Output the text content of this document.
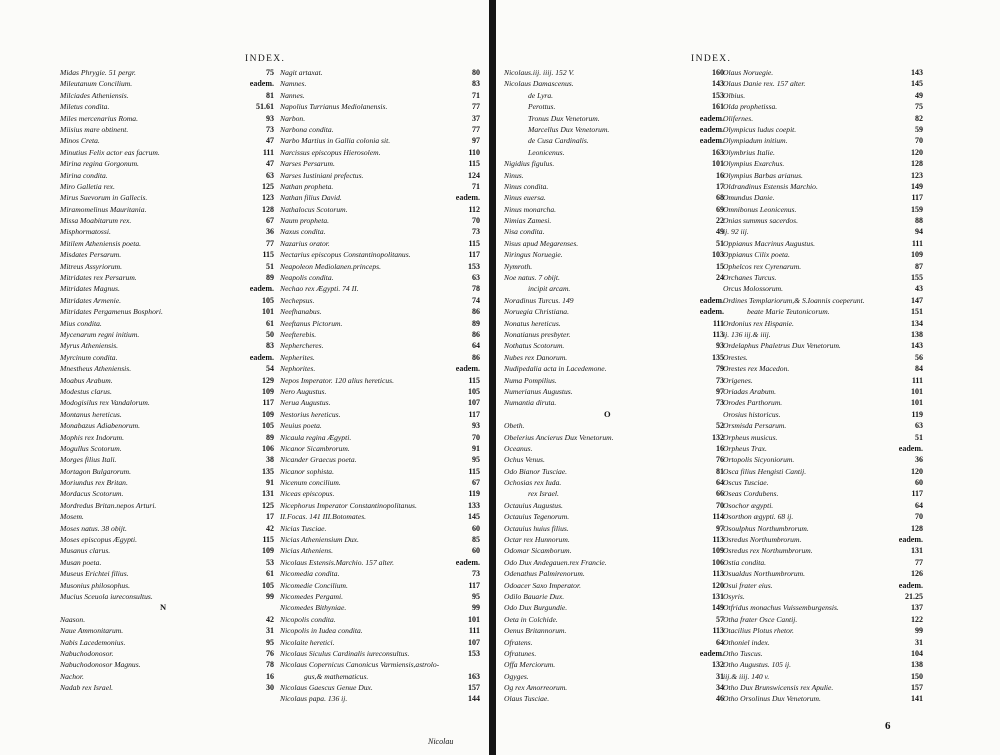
INDEX.
Midas Phrygie. 51 pergr.	75
Mileutanum Concilium.	eadem.
Milciades Atheniensis.	81
Miletus condita.	51.61
Miles mercenarius Roma.	93
Miisius mare obtinent.	73
Minos Creta.	47
Minutius Felix actor eas facrum.	111
Mirina regina Gorgonum.	47
Mirina condita.	63
Miro Galletia rex.	125
Mirus Suevorum in Gallecis.	123
Miramomelinus Mauritania.	128
Missa Moabitarum rex.	67
Misphormatossi.	36
Mitilem Atheniensis poeta.	77
Misdates Persarum.	115
Mitreus Assyriorum.	51
Mitridates rex Persarum.	89
Mitridates Magnus.	eadem.
Mitridates Armenie.	105
Mitridates Pergamenus Bosphori.	101
Mius condita.	61
Mycenarum regni initium.	50
Myrus Atheniensis.	83
Myrcinum condita.	eadem.
Mnestheus Atheniensis.	54
Moabus Arabum.	129
Modestus clarus.	109
Modogisilus rex Vandalorum.	117
Montanus hereticus.	109
Monabazus Adiabenorum.	105
Mophis rex Indorum.	89
Mogullus Scotorum.	106
Morges filius Itali.	38
Mortagon Bulgarorum.	135
Moriundus rex Britan.	91
Mordacus Scotorum.	131
Mordredus Britan.nepos Arturi.	125
Mosem.	17
Moses natus. 38 obijt.	42
Moses episcopus Ægypti.	115
Musanus clarus.	109
Musan poeta.	53
Museus Erichtei filius.	61
Musonius philosophus.	105
Mucius Sceuola iureconsultus.	99
N
Naason.	42
Naue Ammonitarum.	31
Nabis Lacedemonius.	95
Nabuchodonosor.	76
Nabuchodonosor Magnus.	78
Nachor.	16
Nadab rex Israel.	30
Nagit artaxat.	80
Namnes.	83
Nannes.	71
Napolius Turrianus Mediolanensis.	77
Narbon.	37
Narbona condita.	77
Narbo Martius in Gallia colonia sit.	97
Narcissus episcopus Hierosolem.	110
Narses Persarum.	115
Narses Iustiniani prefectus.	124
Nathan propheta.	71
Nathan filius David.	eadem.
Nathalocus Scotorum.	112
Naum propheta.	70
Naxus condita.	73
Nazarius orator.	115
Nectarius episcopus Constantinopolitanus.	117
Neapoleon Mediolanen.princeps.	153
Neapolis condita.	63
Nechao rex Ægypti. 74 II.	78
Nechepsus.	74
Neefhanabus.	86
Neeftanus Pictorum.	89
Neefterebis.	86
Nephercheres.	64
Nepherites.	86
Nephorites.	eadem.
Nepos Imperator. 120 alius hereticus.	115
Nero Augustus.	105
Nerua Augustus.	107
Nestorius hereticus.	117
Neuius poeta.	93
Nicaula regina Ægypti.	70
Nicanor Sicambrorum.	91
Nicander Graecus poeta.	95
Nicanor sophista.	115
Nicenum concilium.	67
Niceas episcopus.	119
Nicephorus Imperator Constantinopolitanus.	133
II.Focas. 141 III.Botomates.	145
Nicias Tusciae.	60
Nicias Atheniensium Dux.	85
Nicias Atheniens.	60
Nicolaus Estensis.Marchio. 157 alter.	eadem.
Nicomedia condita.	73
Nicomedie Concilium.	117
Nicomedes Pergami.	95
Nicomedes Bithyniae.	99
Nicopolis condita.	101
Nicopolis in Iudea condita.	111
Nicolaite heretici.	107
Nicolaus Siculus Cardinalis iureconsultus.	153
Nicolaus Copernicus Canonicus Varmiensis,astrolo-
gus,& mathematicus.	163
Nicolaus Gaescus Genue Dux.	157
Nicolaus papa. 136 ij.	144
Nicolau
INDEX.
Nicolaus.iij. iiij. 152 V.	160
Nicolaus Damascenus.	143
de Lyra.	153
Perottus.	161
Tronus Dux Venetorum.	eadem.
Marcellus Dux Venetorum.	eadem.
de Cusa Cardinalis.	eadem.
Leonicenus.	163
Nigidius figulus.	101
Ninus.	16
Ninus condita.	17
Ninus euersa.	68
Ninus monarcha.	69
Nimias Zamesi.	22
Nisa condita.	49
Nisus apud Megarenses.	51
Niringus Noruegie.	103
Nymroth.	15
Noe natus. 7 obijt.	24
incipit arcam.
Noradinus Turcus. 149	eadem.
Noruegia Christiana.	eadem.
Nonatus hereticus.	111
Nonatianus presbyter.	113
Nothatus Scotorum.	93
Nubes rex Danorum.	135
Nudipedalia acta in Lacedemone.	79
Numa Pompilius.	73
Numerianus Augustus.	97
Numantia diruta.	73
O
Obeth.	52
Obelerius Ancierus Dux Venetorum.	132
Oceanus.	16
Ochus Venus.	76
Odo Bianor Tusciae.	81
Ochosias rex Iuda.	64
rex Israel.	66
Octauius Augustus.	70
Octauius Tegenorum.	114
Octauius huius filius.	97
Octar rex Hunnorum.	113
Odomar Sicamborum.	109
Odo Dux Andegauen.rex Francie.	106
Odenathus Palmirenorum.	113
Odoacer Saxo Imperator.	120
Odilo Bauarie Dux.	131
Odo Dux Burgundie.	149
Oeta in Colchide.	57
Oenus Britannorum.	113
Ofratens.	64
Ofratunes.	eadem.
Offa Merciorum.	132
Ogyges.	31
Og rex Amorreorum.	34
Olaus Tusciae.	46
Olaus Noruegie.	143
Olaus Danie rex. 157 alter.	145
Olbius.	49
Olda prophetissa.	75
Olifernes.	82
Olympicus ludus coepit.	59
Olympiadum initium.	70
Olymbrius Italie.	120
Olympius Exarchus.	128
Olympius Barbas arianus.	123
Oldrandinus Estensis Marchio.	149
Omundus Danie.	117
Omnibonus Leonicenus.	159
Onias summus sacerdos.	88
ij. 92 iij.	94
Oppianus Macrinus Augustus.	111
Oppianus Cilix poeta.	109
Ophelcos rex Cyrenarum.	87
Orchanes Turcus.	155
Orcus Molossorum.	43
Ordines Templariorum,& S.Ioannis coeperunt.	147
beate Marie Teutonicorum.	151
Ordonius rex Hispanie.	134
ij. 136 iij.& iiij.	138
Ordelaphus Phaletrus Dux Venetorum.	143
Orestes.	56
Orestes rex Macedon.	84
Origenes.	111
Oriadas Arabum.	101
Orodes Parthorum.	101
Orosius historicus.	119
Orsmisda Persarum.	63
Orpheus musicus.	51
Orpheus Trax.	eadem.
Ortopolis Sicyoniorum.	36
Osca filius Hengisti Cantij.	120
Oscus Tusciae.	60
Oseas Cordubens.	117
Osochor ægypti.	64
Osorthon ægypti. 68 ij.	70
Osoulphus Northumbrorum.	128
Osredus Northumbrorum.	eadem.
Osredus rex Northumbrorum.	131
Ostia condita.	77
Osualdus Northumbrorum.	126
Osui frater eius.	eadem.
Osyris.	21.25
Otfridus monachus Vuissemburgensis.	137
Otha frater Osce Cantij.	122
Otacilius Plotus rhetor.	99
Othoniel index.	31
Otho Tuscus.	104
Otho Augustus. 105 ij.	138
iij.& iiij. 140 v.	150
Otho Dux Brunswicensis rex Apulie.	157
Otho Orsolinus Dux Venetorum.	141
6
